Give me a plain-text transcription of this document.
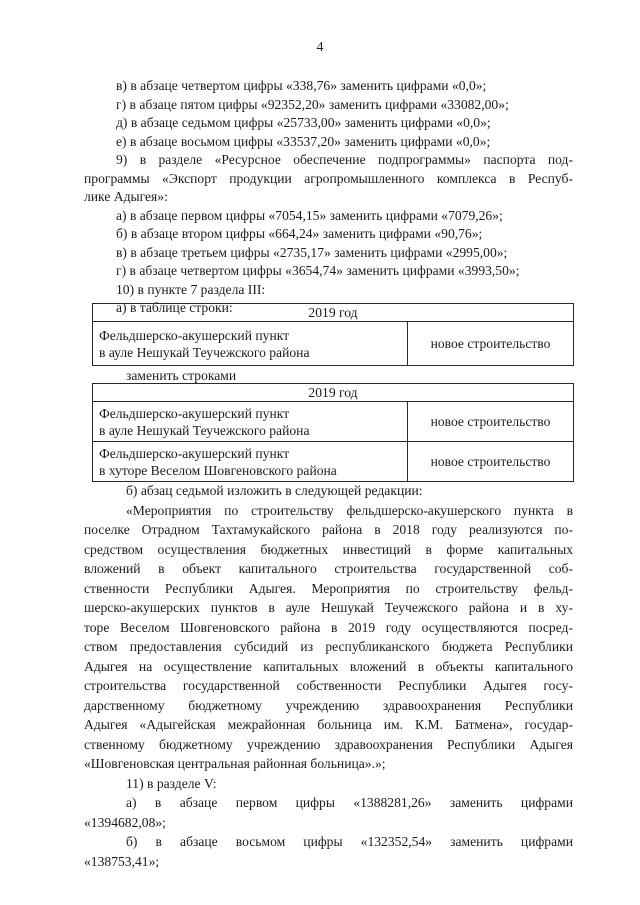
4
в) в абзаце четвертом цифры «338,76» заменить цифрами «0,0»;
г) в абзаце пятом цифры «92352,20» заменить цифрами «33082,00»;
д) в абзаце седьмом цифры «25733,00» заменить цифрами «0,0»;
е) в абзаце восьмом цифры «33537,20» заменить цифрами «0,0»;
9) в разделе «Ресурсное обеспечение подпрограммы» паспорта под-
программы «Экспорт продукции агропромышленного комплекса в Респуб-
лике Адыгея»:
а) в абзаце первом цифры «7054,15» заменить цифрами «7079,26»;
б) в абзаце втором цифры «664,24» заменить цифрами «90,76»;
в) в абзаце третьем цифры «2735,17» заменить цифрами «2995,00»;
г) в абзаце четвертом цифры «3654,74» заменить цифрами «3993,50»;
10) в пункте 7 раздела III:
а) в таблице строки:	2019 год

Фельдшерско-акушерский пункт
в ауле Нешукай Теучежского района
	новое строительство
заменить строками
2019 год	

Фельдшерско-акушерский пункт
в ауле Нешукай Теучежского района	новое строительство

Фельдшерско-акушерский пункт
в хуторе Веселом Шовгеновского района	новое строительство
б) абзац седьмой изложить в следующей редакции:
«Мероприятия по строительству фельдшерско-акушерского пункта в
поселке Отрадном Тахтамукайского района в 2018 году реализуются по-
средством осуществления бюджетных инвестиций в форме капитальных
вложений в объект капитального строительства государственной соб-
ственности Республики Адыгея. Мероприятия по строительству фельд-
шерско-акушерских пунктов в ауле Нешукай Теучежского района и в ху-
торе Веселом Шовгеновского района в 2019 году осуществляются посред-
ством предоставления субсидий из республиканского бюджета Республики
Адыгея на осуществление капитальных вложений в объекты капитального
строительства государственной собственности Республики Адыгея госу-
дарственному бюджетному учреждению здравоохранения Республики
Адыгея «Адыгейская межрайонная больница им. К.М. Батмена», государ-
ственному бюджетному учреждению здравоохранения Республики Адыгея
«Шовгеновская центральная районная больница».»;
11) в разделе V:
а) в абзаце первом цифры «1388281,26» заменить цифрами
«1394682,08»;
б) в абзаце восьмом цифры «132352,54» заменить цифрами
«138753,41»;
